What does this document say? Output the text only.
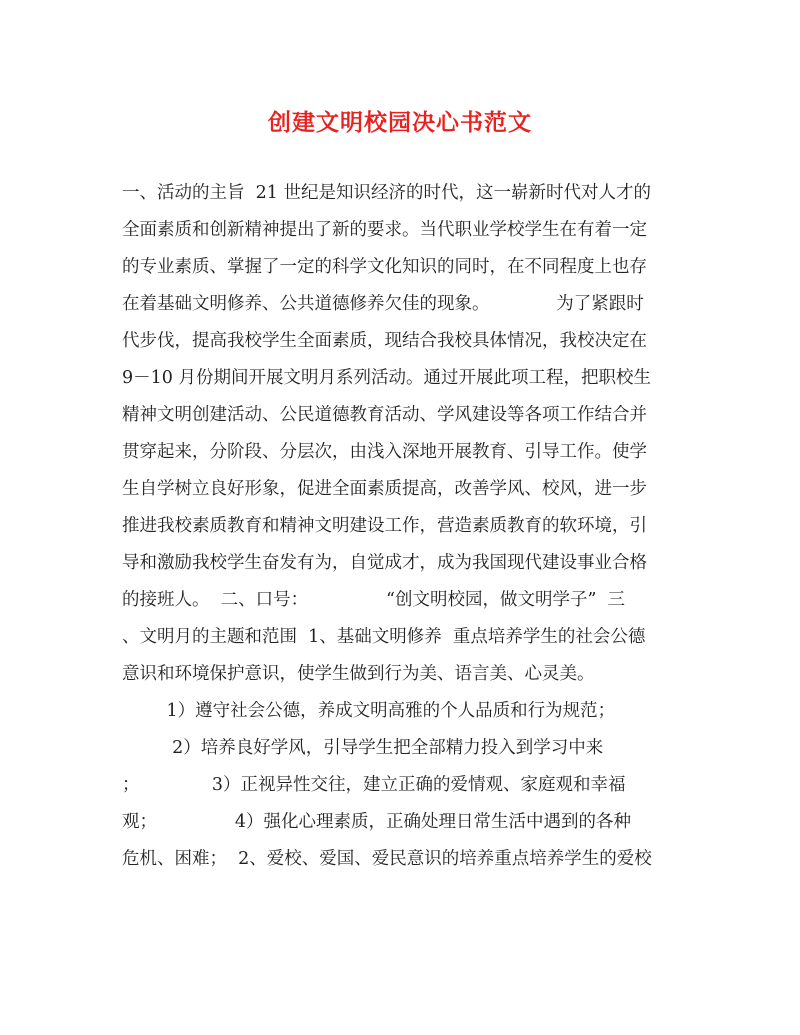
创建文明校园决心书范文
一、活动的主旨  21 世纪是知识经济的时代，这一崭新时代对人才的
全面素质和创新精神提出了新的要求。当代职业学校学生在有着一定
的专业素质、掌握了一定的科学文化知识的同时，在不同程度上也存
在着基础文明修养、公共道德修养欠佳的现象。            为了紧跟时
代步伐，提高我校学生全面素质，现结合我校具体情况，我校决定在
9－10 月份期间开展文明月系列活动。通过开展此项工程，把职校生
精神文明创建活动、公民道德教育活动、学风建设等各项工作结合并
贯穿起来，分阶段、分层次，由浅入深地开展教育、引导工作。使学
生自学树立良好形象，促进全面素质提高，改善学风、校风，进一步
推进我校素质教育和精神文明建设工作，营造素质教育的软环境，引
导和激励我校学生奋发有为，自觉成才，成为我国现代建设事业合格
的接班人。  二、口号：              “创文明校园，做文明学子”  三
、文明月的主题和范围  1、基础文明修养  重点培养学生的社会公德
意识和环境保护意识，使学生做到行为美、语言美、心灵美。
1）遵守社会公德，养成文明高雅的个人品质和行为规范；
2）培养良好学风，引导学生把全部精力投入到学习中来
；             3）正视异性交往，建立正确的爱情观、家庭观和幸福
观；              4）强化心理素质，正确处理日常生活中遇到的各种
危机、困难；  2、爱校、爱国、爱民意识的培养重点培养学生的爱校
